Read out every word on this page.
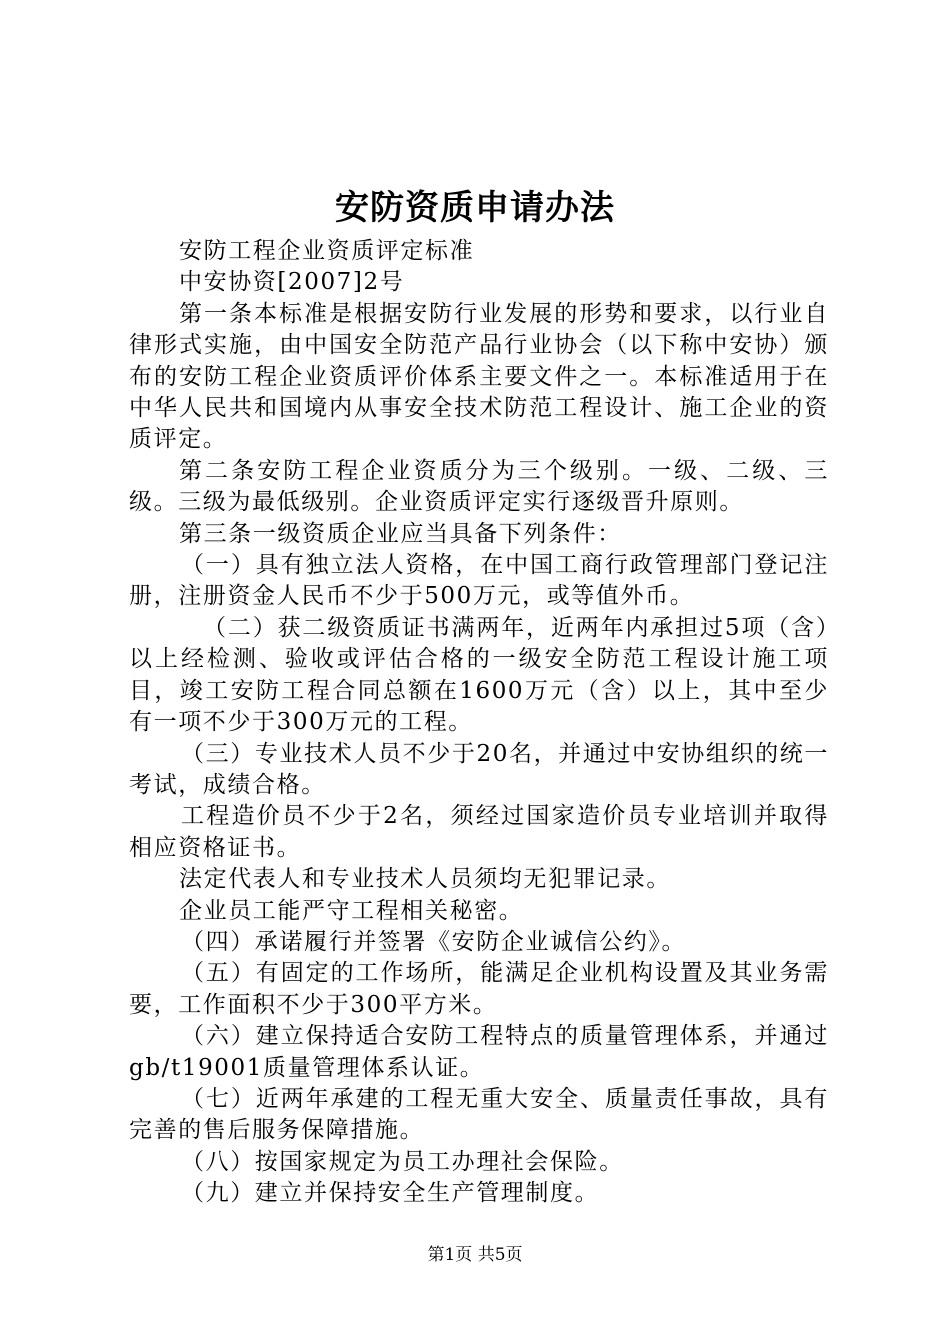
安防资质申请办法

安防工程企业资质评定标准

中安协资[2007]2号

第一条本标准是根据安防行业发展的形势和要求，以行业自律形式实施，由中国安全防范产品行业协会（以下称中安协）颁布的安防工程企业资质评价体系主要文件之一。本标准适用于在中华人民共和国境内从事安全技术防范工程设计、施工企业的资质评定。

第二条安防工程企业资质分为三个级别。一级、二级、三级。三级为最低级别。企业资质评定实行逐级晋升原则。

第三条一级资质企业应当具备下列条件：

（一）具有独立法人资格，在中国工商行政管理部门登记注册，注册资金人民币不少于500万元，或等值外币。

（二）获二级资质证书满两年，近两年内承担过5项（含）以上经检测、验收或评估合格的一级安全防范工程设计施工项目，竣工安防工程合同总额在1600万元（含）以上，其中至少有一项不少于300万元的工程。

（三）专业技术人员不少于20名，并通过中安协组织的统一考试，成绩合格。

工程造价员不少于2名，须经过国家造价员专业培训并取得相应资格证书。

法定代表人和专业技术人员须均无犯罪记录。

企业员工能严守工程相关秘密。

（四）承诺履行并签署《安防企业诚信公约》。

（五）有固定的工作场所，能满足企业机构设置及其业务需要，工作面积不少于300平方米。

（六）建立保持适合安防工程特点的质量管理体系，并通过gb/t19001质量管理体系认证。

（七）近两年承建的工程无重大安全、质量责任事故，具有完善的售后服务保障措施。

（八）按国家规定为员工办理社会保险。

（九）建立并保持安全生产管理制度。

第1页 共5页
